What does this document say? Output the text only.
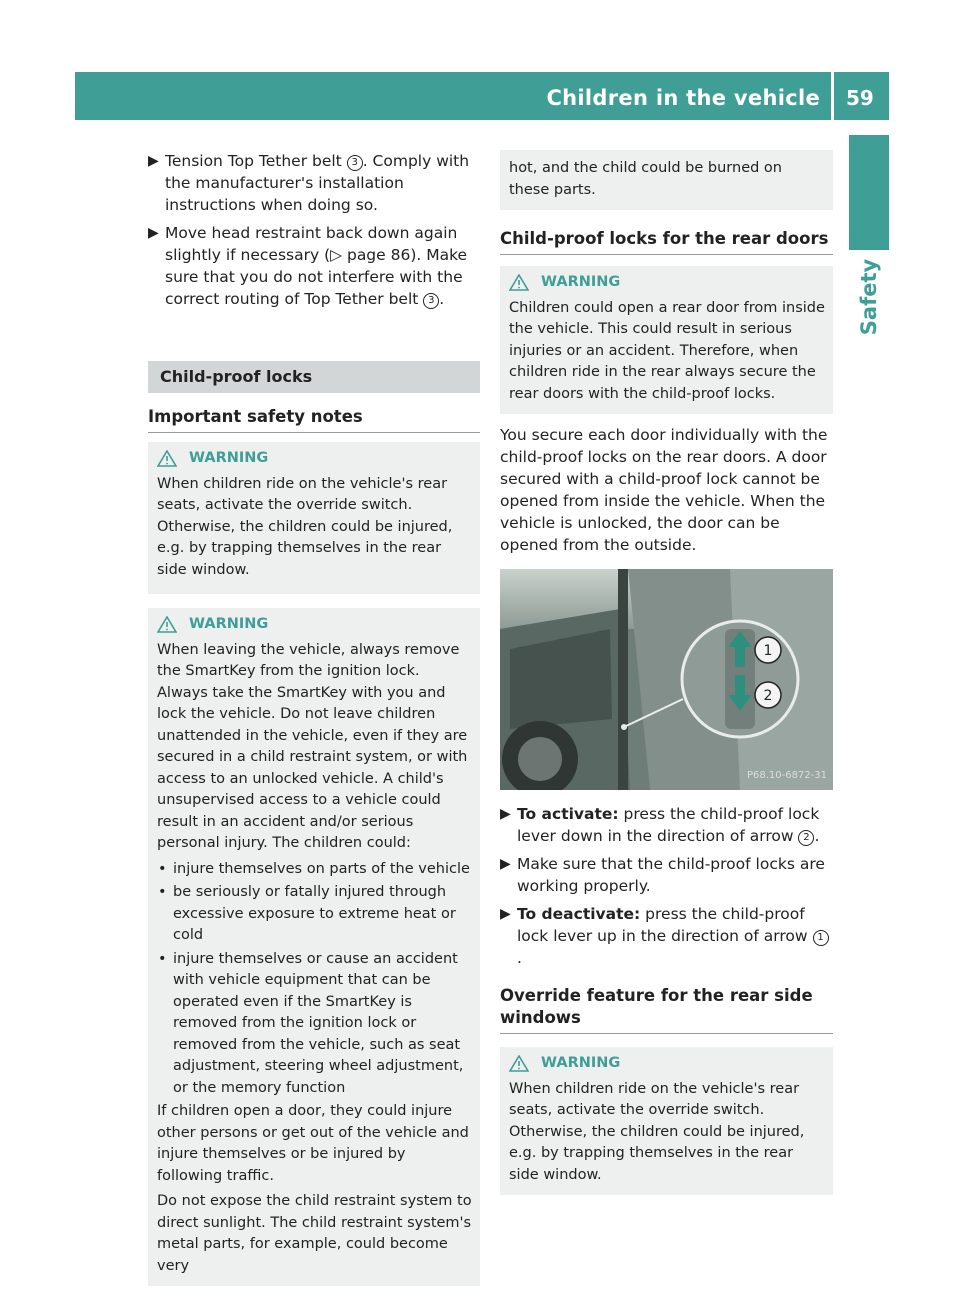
Children in the vehicle 59
Safety
▶ Tension Top Tether belt 3 . Comply with the manufacturer's installation instructions when doing so.
▶ Move head restraint back down again slightly if necessary (▷ page 86). Make sure that you do not interfere with the correct routing of Top Tether belt 3 .
Child-proof locks
Important safety notes
WARNING

When children ride on the vehicle's rear seats, activate the override switch. Otherwise, the children could be injured, e.g. by trapping themselves in the rear side window.

WARNING

When leaving the vehicle, always remove the SmartKey from the ignition lock. Always take the SmartKey with you and lock the vehicle. Do not leave children unattended in the vehicle, even if they are secured in a child restraint system, or with access to an unlocked vehicle. A child's unsupervised access to a vehicle could result in an accident and/or serious personal injury. The children could:

• injure themselves on parts of the vehicle
• be seriously or fatally injured through excessive exposure to extreme heat or cold
• injure themselves or cause an accident with vehicle equipment that can be operated even if the SmartKey is removed from the ignition lock or removed from the vehicle, such as seat adjustment, steering wheel adjustment, or the memory function

If children open a door, they could injure other persons or get out of the vehicle and injure themselves or be injured by following traffic.

Do not expose the child restraint system to direct sunlight. The child restraint system's metal parts, for example, could become very

hot, and the child could be burned on these parts.

Child-proof locks for the rear doors
WARNING

Children could open a rear door from inside the vehicle. This could result in serious injuries or an accident. Therefore, when children ride in the rear always secure the rear doors with the child-proof locks.

You secure each door individually with the child-proof locks on the rear doors. A door secured with a child-proof lock cannot be opened from inside the vehicle. When the vehicle is unlocked, the door can be opened from the outside.

1
2
P68.10-6872-31
▶ To activate: press the child-proof lock lever down in the direction of arrow 2 .
▶ Make sure that the child-proof locks are working properly.
▶ To deactivate: press the child-proof lock lever up in the direction of arrow 1.
Override feature for the rear side windows
WARNING

When children ride on the vehicle's rear seats, activate the override switch. Otherwise, the children could be injured, e.g. by trapping themselves in the rear side window.
